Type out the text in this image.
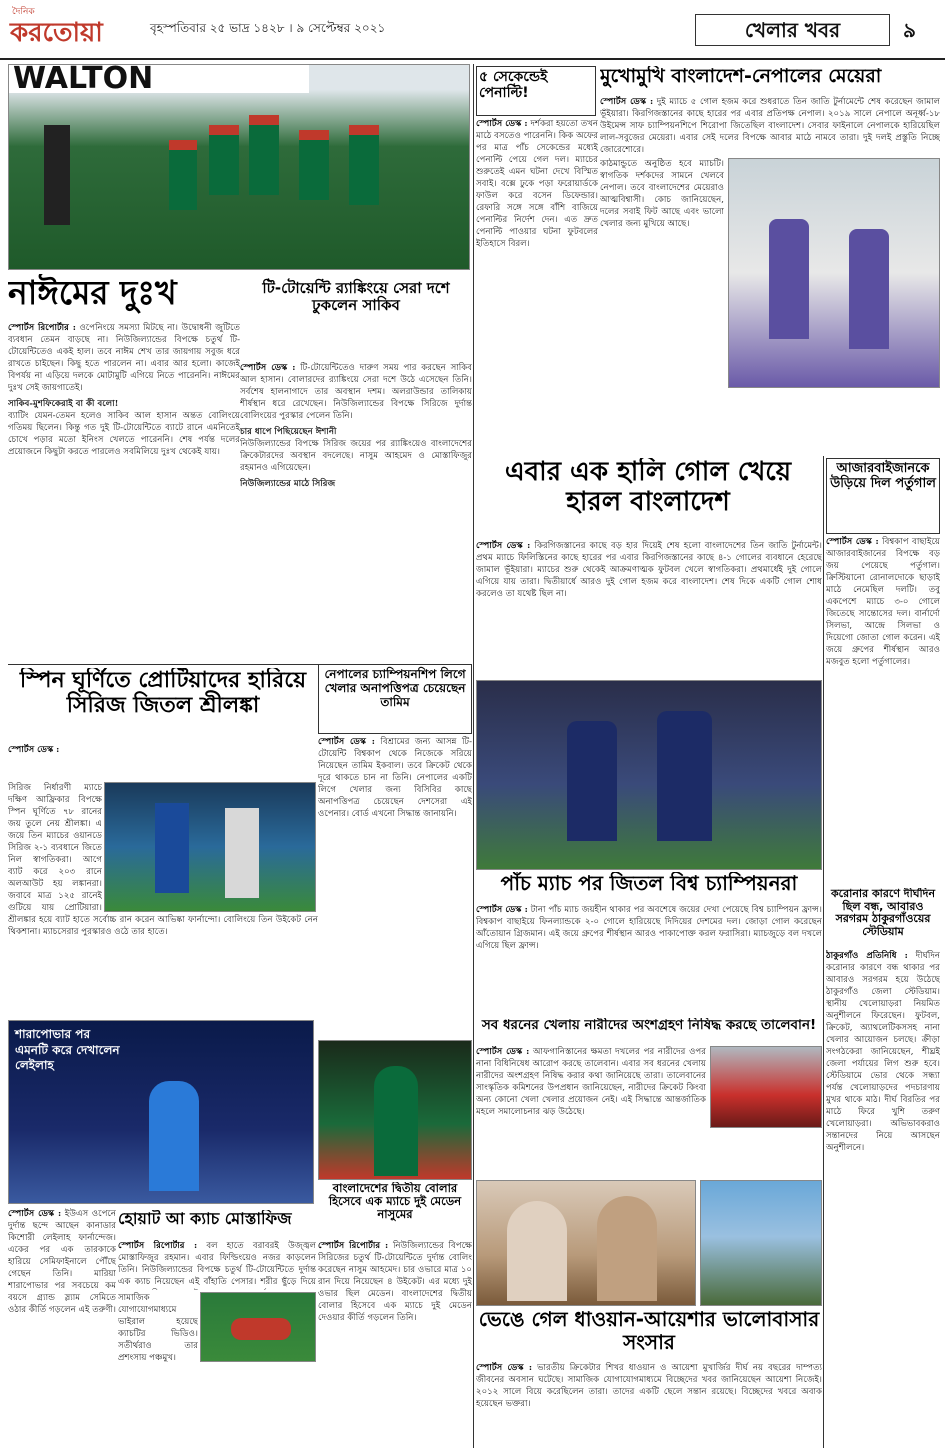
দৈনিক
করতোয়া	বৃহস্পতিবার ২৫ ভাদ্র ১৪২৮ । ৯ সেপ্টেম্বর ২০২১	খেলার খবর	৯
WALTON
নাঈমের দুঃখ
স্পোর্টস রিপোর্টার : ওপেনিংয়ে সমস্যা মিটছে না। উদ্বোধনী জুটিতে ব্যবধান তেমন বাড়ছে না। নিউজিল্যান্ডের বিপক্ষে চতুর্থ টি-টোয়েন্টিতেও একই হাল। তবে নাঈম শেখ তার জায়গায় সবুজ ধরে রাখতে চাইছেন। কিছু হতে পারলেন না। এবার আর হলো। কাজেই বিপর্যয় না এড়িয়ে দলকে মোটামুটি এগিয়ে নিতে পারেননি। নাঈমের দুঃখ সেই জায়গাতেই।
সাকিব-মুশফিকেরাই বা কী বলো!
ব্যাটিং যেমন-তেমন হলেও সাকিব আল হাসান অন্তত বোলিংয়ে গতিময় ছিলেন। কিন্তু গত দুই টি-টোয়েন্টিতে ব্যাটে রানে এমনিতেই চোখে পড়ার মতো ইনিংস খেলতে পারেননি। শেষ পর্যন্ত দলের প্রয়োজনে কিছুটা করতে পারলেও সবমিলিয়ে দুঃখ থেকেই যায়।
টি-টোয়েন্টি র‌্যাঙ্কিংয়ে সেরা দশে ঢুকলেন সাকিব
স্পোর্টস ডেস্ক : টি-টোয়েন্টিতেও দারুণ সময় পার করছেন সাকিব আল হাসান। বোলারদের র‌্যাঙ্কিংয়ে সেরা দশে উঠে এসেছেন তিনি। সর্বশেষ হালনাগাদে তার অবস্থান দশম। অলরাউন্ডার তালিকায় শীর্ষস্থান ধরে রেখেছেন। নিউজিল্যান্ডের বিপক্ষে সিরিজে দুর্দান্ত বোলিংয়ের পুরস্কার পেলেন তিনি।
চার ধাপে পিছিয়েছেন ঈশানী
নিউজিল্যান্ডের বিপক্ষে সিরিজ জয়ের পর র‌্যাঙ্কিংয়েও বাংলাদেশের ক্রিকেটারদের অবস্থান বদলেছে। নাসুম আহমেদ ও মোস্তাফিজুর রহমানও এগিয়েছেন।
নিউজিল্যান্ডের মাঠে সিরিজ
৫ সেকেন্ডেই পেনাল্টি!
স্পোর্টস ডেস্ক : দর্শকরা হয়তো তখন মাঠে বসতেও পারেননি। কিক অফের পর মাত্র পাঁচ সেকেন্ডের মধ্যেই পেনাল্টি পেয়ে গেল দল। ম্যাচের শুরুতেই এমন ঘটনা দেখে বিস্মিত সবাই। বক্সে ঢুকে পড়া ফরোয়ার্ডকে ফাউল করে বসেন ডিফেন্ডার। রেফারি সঙ্গে সঙ্গে বাঁশি বাজিয়ে পেনাল্টির নির্দেশ দেন। এত দ্রুত পেনাল্টি পাওয়ার ঘটনা ফুটবলের ইতিহাসে বিরল।
মুখোমুখি বাংলাদেশ-নেপালের মেয়েরা
স্পোর্টস ডেস্ক : দুই ম্যাচে ৫ গোল হজম করে শুধরাতে তিন জাতি টুর্নামেন্টে শেষ করেছেন জামাল ভূঁইয়ারা। কিরগিজস্তানের কাছে হারের পর এবার প্রতিপক্ষ নেপাল। ২০১৯ সালে নেপালে অনূর্ধ্ব-১৮ উইমেন্স সাফ চ্যাম্পিয়নশিপে শিরোপা জিতেছিল বাংলাদেশ। সেবার ফাইনালে নেপালকে হারিয়েছিল লাল-সবুজের মেয়েরা। এবার সেই দলের বিপক্ষে আবার মাঠে নামবে তারা। দুই দলই প্রস্তুতি নিচ্ছে জোরেশোরে।
কাঠমান্ডুতে অনুষ্ঠিত হবে ম্যাচটি। স্বাগতিক দর্শকদের সামনে খেলবে নেপাল। তবে বাংলাদেশের মেয়েরাও আত্মবিশ্বাসী। কোচ জানিয়েছেন, দলের সবাই ফিট আছে এবং ভালো খেলার জন্য মুখিয়ে আছে।
এবার এক হালি গোল খেয়ে হারল বাংলাদেশ
স্পোর্টস ডেস্ক : কিরগিজস্তানের কাছে বড় হার দিয়েই শেষ হলো বাংলাদেশের তিন জাতি টুর্নামেন্ট। প্রথম ম্যাচে ফিলিস্তিনের কাছে হারের পর এবার কিরগিজস্তানের কাছে ৪-১ গোলের ব্যবধানে হেরেছে জামাল ভূঁইয়ারা। ম্যাচের শুরু থেকেই আক্রমণাত্মক ফুটবল খেলে স্বাগতিকরা। প্রথমার্ধেই দুই গোলে এগিয়ে যায় তারা। দ্বিতীয়ার্ধে আরও দুই গোল হজম করে বাংলাদেশ। শেষ দিকে একটি গোল শোধ করলেও তা যথেষ্ট ছিল না।
আজারবাইজানকে উড়িয়ে দিল পর্তুগাল
স্পোর্টস ডেস্ক : বিশ্বকাপ বাছাইয়ে আজারবাইজানের বিপক্ষে বড় জয় পেয়েছে পর্তুগাল। ক্রিস্টিয়ানো রোনালদোকে ছাড়াই মাঠে নেমেছিল দলটি। তবু একপেশে ম্যাচে ৩-০ গোলে জিতেছে সান্তোসের দল। বার্নার্দো সিলভা, আন্দ্রে সিলভা ও দিয়েগো জোতা গোল করেন। এই জয়ে গ্রুপের শীর্ষস্থান আরও মজবুত হলো পর্তুগালের।
করোনার কারণে দীর্ঘদিন ছিল বন্ধ, আবারও সরগরম ঠাকুরগাঁওয়ের স্টেডিয়াম
ঠাকুরগাঁও প্রতিনিধি : দীর্ঘদিন করোনার কারণে বন্ধ থাকার পর আবারও সরগরম হয়ে উঠেছে ঠাকুরগাঁও জেলা স্টেডিয়াম। স্থানীয় খেলোয়াড়রা নিয়মিত অনুশীলনে ফিরেছেন। ফুটবল, ক্রিকেট, অ্যাথলেটিকসসহ নানা খেলার আয়োজন চলছে। ক্রীড়া সংগঠকেরা জানিয়েছেন, শীঘ্রই জেলা পর্যায়ের লিগ শুরু হবে। স্টেডিয়ামে ভোর থেকে সন্ধ্যা পর্যন্ত খেলোয়াড়দের পদচারণায় মুখর থাকে মাঠ। দীর্ঘ বিরতির পর মাঠে ফিরে খুশি তরুণ খেলোয়াড়রা। অভিভাবকরাও সন্তানদের নিয়ে আসছেন অনুশীলনে।
পাঁচ ম্যাচ পর জিতল বিশ্ব চ্যাম্পিয়নরা
স্পোর্টস ডেস্ক : টানা পাঁচ ম্যাচ জয়হীন থাকার পর অবশেষে জয়ের দেখা পেয়েছে বিশ্ব চ্যাম্পিয়ন ফ্রান্স। বিশ্বকাপ বাছাইয়ে ফিনল্যান্ডকে ২-০ গোলে হারিয়েছে দিদিয়ের দেশমের দল। জোড়া গোল করেছেন আঁতোয়ান গ্রিজমান। এই জয়ে গ্রুপের শীর্ষস্থান আরও পাকাপোক্ত করল ফরাসিরা। ম্যাচজুড়ে বল দখলে এগিয়ে ছিল ফ্রান্স।
সব ধরনের খেলায় নারীদের অংশগ্রহণ নিষিদ্ধ করছে তালেবান!
স্পোর্টস ডেস্ক : আফগানিস্তানের ক্ষমতা দখলের পর নারীদের ওপর নানা বিধিনিষেধ আরোপ করছে তালেবান। এবার সব ধরনের খেলায় নারীদের অংশগ্রহণ নিষিদ্ধ করার কথা জানিয়েছে তারা। তালেবানের সাংস্কৃতিক কমিশনের উপপ্রধান জানিয়েছেন, নারীদের ক্রিকেট কিংবা অন্য কোনো খেলা খেলার প্রয়োজন নেই। এই সিদ্ধান্তে আন্তর্জাতিক মহলে সমালোচনার ঝড় উঠেছে।
ভেঙে গেল ধাওয়ান-আয়েশার ভালোবাসার সংসার
স্পোর্টস ডেস্ক : ভারতীয় ক্রিকেটার শিখর ধাওয়ান ও আয়েশা মুখার্জির দীর্ঘ নয় বছরের দাম্পত্য জীবনের অবসান ঘটেছে। সামাজিক যোগাযোগমাধ্যমে বিচ্ছেদের খবর জানিয়েছেন আয়েশা নিজেই। ২০১২ সালে বিয়ে করেছিলেন তারা। তাদের একটি ছেলে সন্তান রয়েছে। বিচ্ছেদের খবরে অবাক হয়েছেন ভক্তরা।
নেপালের চ্যাম্পিয়নশিপ লিগে খেলার অনাপত্তিপত্র চেয়েছেন তামিম
স্পোর্টস ডেস্ক : বিশ্রামের জন্য আসন্ন টি-টোয়েন্টি বিশ্বকাপ থেকে নিজেকে সরিয়ে নিয়েছেন তামিম ইকবাল। তবে ক্রিকেট থেকে দূরে থাকতে চান না তিনি। নেপালের একটি লিগে খেলার জন্য বিসিবির কাছে অনাপত্তিপত্র চেয়েছেন দেশসেরা এই ওপেনার। বোর্ড এখনো সিদ্ধান্ত জানায়নি।
স্পিন ঘূর্ণিতে প্রোটিয়াদের হারিয়ে সিরিজ জিতল শ্রীলঙ্কা
স্পোর্টস ডেস্ক :
সিরিজ নির্ধারণী ম্যাচে দক্ষিণ আফ্রিকার বিপক্ষে স্পিন ঘূর্ণিতে ৭৮ রানের জয় তুলে নেয় শ্রীলঙ্কা। এ জয়ে তিন ম্যাচের ওয়ানডে সিরিজ ২-১ ব্যবধানে জিতে নিল স্বাগতিকরা। আগে ব্যাট করে ২০৩ রানে অলআউট হয় লঙ্কানরা। জবাবে মাত্র ১২৫ রানেই গুটিয়ে যায় প্রোটিয়ারা।
শ্রীলঙ্কার হয়ে ব্যাট হাতে সর্বোচ্চ রান করেন আভিষ্কা ফার্নান্দো। বোলিংয়ে তিন উইকেট নেন থিকশানা। ম্যাচসেরার পুরস্কারও ওঠে তার হাতে।
শারাপোভার পর এমনটি করে দেখালেন লেইলাহ
স্পোর্টস ডেস্ক : ইউএস ওপেনে দুর্দান্ত ছন্দে আছেন কানাডার কিশোরী লেইলাহ ফার্নান্দেজ। একের পর এক তারকাকে হারিয়ে সেমিফাইনালে পৌঁছে গেছেন তিনি। মারিয়া শারাপোভার পর সবচেয়ে কম বয়সে গ্র্যান্ড স্ল্যাম সেমিতে ওঠার কীর্তি গড়লেন এই তরুণী।
বাংলাদেশের দ্বিতীয় বোলার হিসেবে এক ম্যাচে দুই মেডেন নাসুমের
স্পোর্টস রিপোর্টার : নিউজিল্যান্ডের বিপক্ষে সিরিজের চতুর্থ টি-টোয়েন্টিতে দুর্দান্ত বোলিং করেছেন নাসুম আহমেদ। চার ওভারে মাত্র ১০ রান দিয়ে নিয়েছেন ৪ উইকেট। এর মধ্যে দুই ওভার ছিল মেডেন। বাংলাদেশের দ্বিতীয় বোলার হিসেবে এক ম্যাচে দুই মেডেন দেওয়ার কীর্তি গড়লেন তিনি।
হোয়াট আ ক্যাচ মোস্তাফিজ
স্পোর্টস রিপোর্টার : বল হাতে বরাবরই উজ্জ্বল মোস্তাফিজুর রহমান। এবার ফিল্ডিংয়েও নজর কাড়লেন তিনি। নিউজিল্যান্ডের বিপক্ষে চতুর্থ টি-টোয়েন্টিতে দুর্দান্ত এক ক্যাচ নিয়েছেন এই বাঁহাতি পেসার। শরীর ছুঁড়ে দিয়ে
সামাজিক যোগাযোগমাধ্যমে ভাইরাল হয়েছে ক্যাচটির ভিডিও। সতীর্থরাও তার প্রশংসায় পঞ্চমুখ।
